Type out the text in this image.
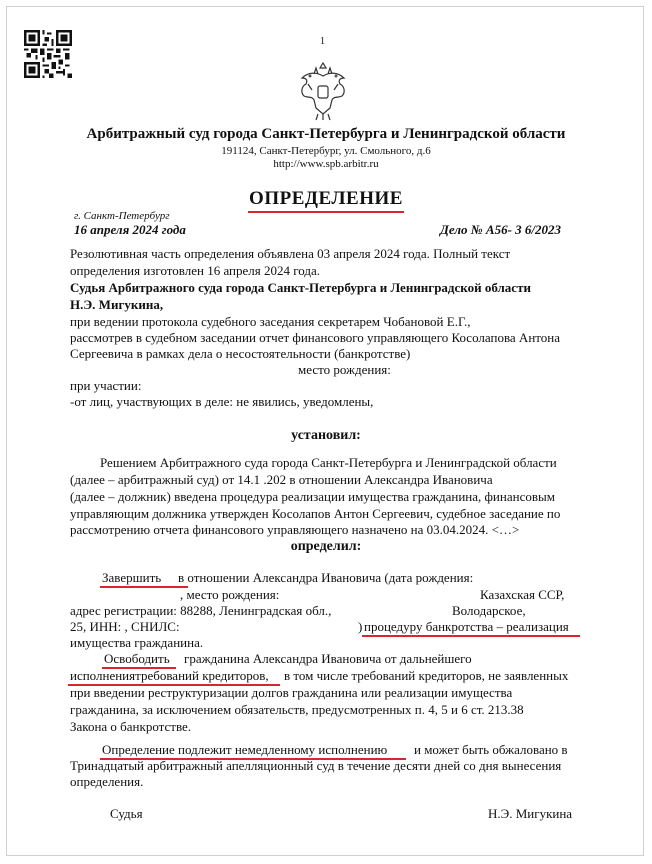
1
Арбитражный суд города Санкт-Петербурга и Ленинградской области
191124, Санкт-Петербург, ул. Смольного, д.6
http://www.spb.arbitr.ru
ОПРЕДЕЛЕНИЕ
г. Санкт-Петербург
16 апреля 2024 года	Дело № А56- 3 6/2023
Резолютивная часть определения объявлена 03 апреля 2024 года. Полный текст
определения изготовлен 16 апреля 2024 года.
Судья Арбитражного суда города Санкт-Петербурга и Ленинградской области
Н.Э. Мигукина,
при ведении протокола судебного заседания секретарем Чобановой Е.Г.,
рассмотрев в судебном заседании отчет финансового управляющего Косолапова Антона
Сергеевича в рамках дела о несостоятельности (банкротстве)
место рождения:
при участии:
-от лиц, участвующих в деле: не явились, уведомлены,
установил:
Решением Арбитражного суда города Санкт-Петербурга и Ленинградской области
(далее – арбитражный суд) от 14.1 .202 в отношении Александра Ивановича
(далее – должник) введена процедура реализации имущества гражданина, финансовым
управляющим должника утвержден Косолапов Антон Сергеевич, судебное заседание по
рассмотрению отчета финансового управляющего назначено на 03.04.2024. <…>
определил:
Завершить в отношении Александра Ивановича (дата рождения:
, место рождения:	Казахская ССР,
адрес регистрации: 88288, Ленинградская обл.,	Володарское,
25, ИНН: , СНИЛС:	) процедуру банкротства – реализация
имущества гражданина.
Освободить гражданина Александра Ивановича от дальнейшего
исполнениятребований кредиторов, в том числе требований кредиторов, не заявленных
при введении реструктуризации долгов гражданина или реализации имущества
гражданина, за исключением обязательств, предусмотренных п. 4, 5 и 6 ст. 213.38
Закона о банкротстве.
Определение подлежит немедленному исполнению и может быть обжаловано в
Тринадцатый арбитражный апелляционный суд в течение десяти дней со дня вынесения
определения.
Судья	Н.Э. Мигукина
